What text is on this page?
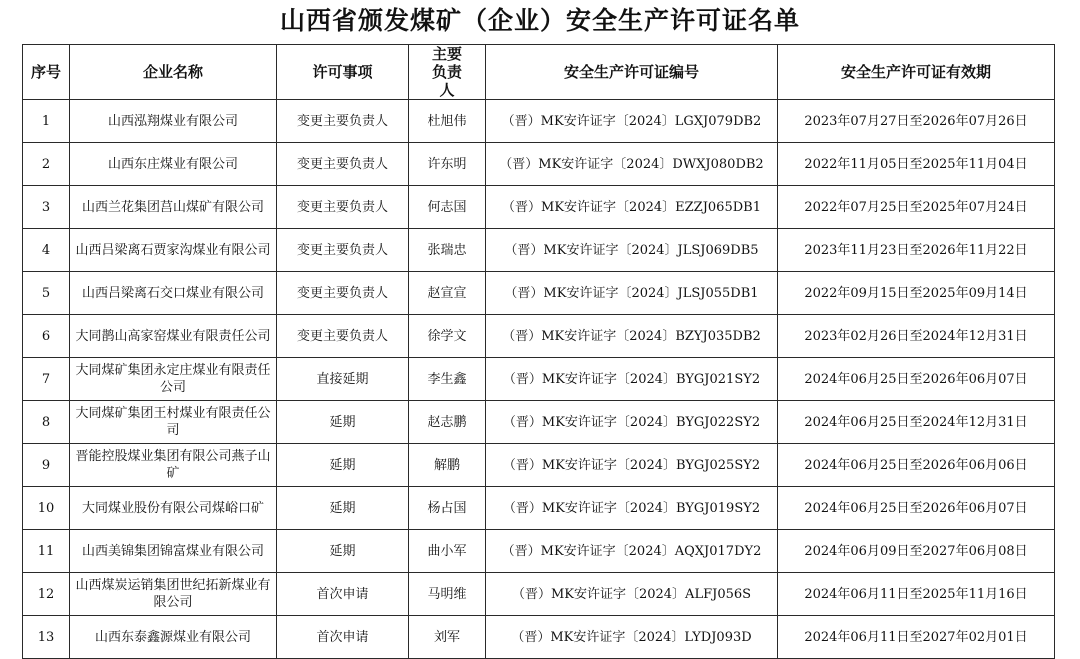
山西省颁发煤矿（企业）安全生产许可证名单
序号	企业名称	许可事项	主要负责人	安全生产许可证编号	安全生产许可证有效期
1	山西泓翔煤业有限公司	变更主要负责人	杜旭伟	（晋）MK安许证字〔2024〕LGXJ079DB2	2023年07月27日至2026年07月26日
2	山西东庄煤业有限公司	变更主要负责人	许东明	（晋）MK安许证字〔2024〕DWXJ080DB2	2022年11月05日至2025年11月04日
3	山西兰花集团莒山煤矿有限公司	变更主要负责人	何志国	（晋）MK安许证字〔2024〕EZZJ065DB1	2022年07月25日至2025年07月24日
4	山西吕梁离石贾家沟煤业有限公司	变更主要负责人	张瑞忠	（晋）MK安许证字〔2024〕JLSJ069DB5	2023年11月23日至2026年11月22日
5	山西吕梁离石交口煤业有限公司	变更主要负责人	赵宣宣	（晋）MK安许证字〔2024〕JLSJ055DB1	2022年09月15日至2025年09月14日
6	大同鹊山高家窑煤业有限责任公司	变更主要负责人	徐学文	（晋）MK安许证字〔2024〕BZYJ035DB2	2023年02月26日至2024年12月31日
7	大同煤矿集团永定庄煤业有限责任公司	直接延期	李生鑫	（晋）MK安许证字〔2024〕BYGJ021SY2	2024年06月25日至2026年06月07日
8	大同煤矿集团王村煤业有限责任公司	延期	赵志鹏	（晋）MK安许证字〔2024〕BYGJ022SY2	2024年06月25日至2024年12月31日
9	晋能控股煤业集团有限公司燕子山矿	延期	解鹏	（晋）MK安许证字〔2024〕BYGJ025SY2	2024年06月25日至2026年06月06日
10	大同煤业股份有限公司煤峪口矿	延期	杨占国	（晋）MK安许证字〔2024〕BYGJ019SY2	2024年06月25日至2026年06月07日
11	山西美锦集团锦富煤业有限公司	延期	曲小军	（晋）MK安许证字〔2024〕AQXJ017DY2	2024年06月09日至2027年06月08日
12	山西煤炭运销集团世纪拓新煤业有限公司	首次申请	马明维	（晋）MK安许证字〔2024〕ALFJ056S	2024年06月11日至2025年11月16日
13	山西东泰鑫源煤业有限公司	首次申请	刘军	（晋）MK安许证字〔2024〕LYDJ093D	2024年06月11日至2027年02月01日
